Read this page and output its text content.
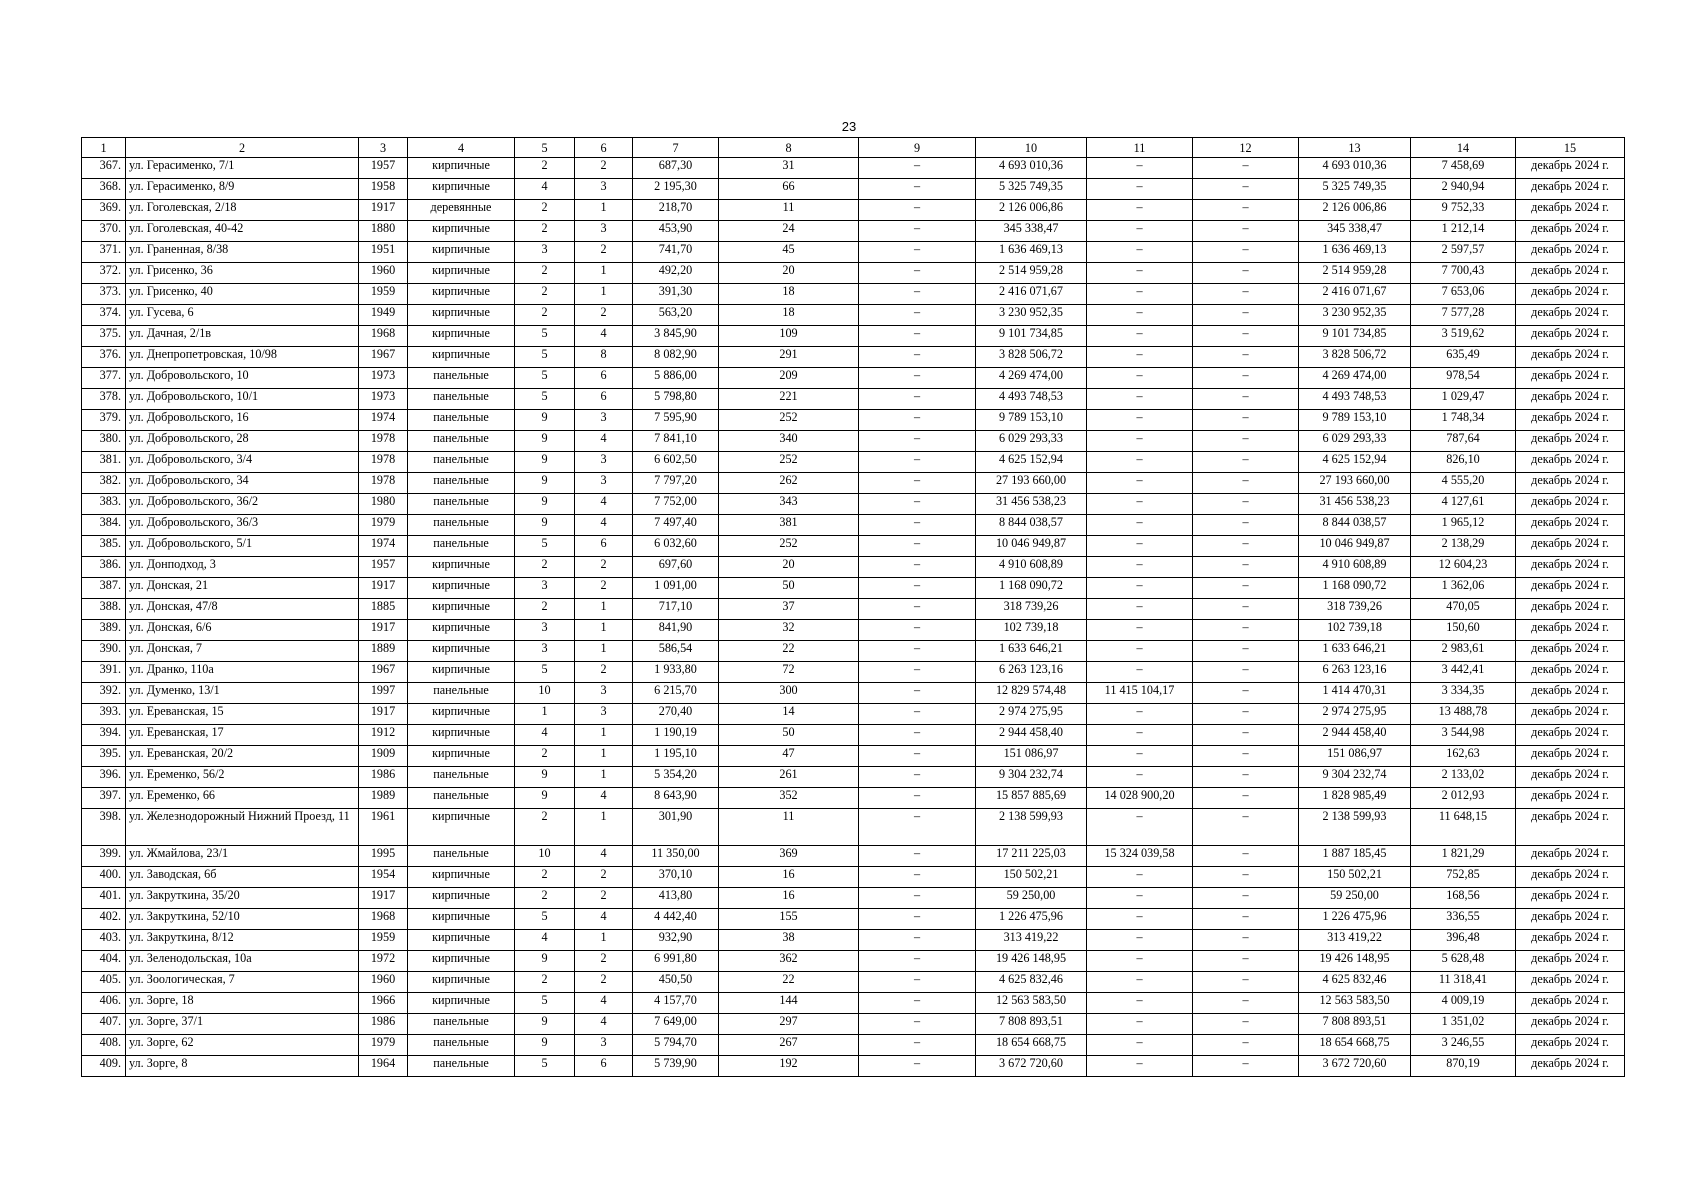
23
1	2	3	4	5	6	7	8	9	10	11	12	13	14	15
367.	ул. Герасименко, 7/1	1957	кирпичные	2	2	687,30	31	–	4 693 010,36	–	–	4 693 010,36	7 458,69	декабрь 2024 г.
368.	ул. Герасименко, 8/9	1958	кирпичные	4	3	2 195,30	66	–	5 325 749,35	–	–	5 325 749,35	2 940,94	декабрь 2024 г.
369.	ул. Гоголевская, 2/18	1917	деревянные	2	1	218,70	11	–	2 126 006,86	–	–	2 126 006,86	9 752,33	декабрь 2024 г.
370.	ул. Гоголевская, 40-42	1880	кирпичные	2	3	453,90	24	–	345 338,47	–	–	345 338,47	1 212,14	декабрь 2024 г.
371.	ул. Граненная, 8/38	1951	кирпичные	3	2	741,70	45	–	1 636 469,13	–	–	1 636 469,13	2 597,57	декабрь 2024 г.
372.	ул. Грисенко, 36	1960	кирпичные	2	1	492,20	20	–	2 514 959,28	–	–	2 514 959,28	7 700,43	декабрь 2024 г.
373.	ул. Грисенко, 40	1959	кирпичные	2	1	391,30	18	–	2 416 071,67	–	–	2 416 071,67	7 653,06	декабрь 2024 г.
374.	ул. Гусева, 6	1949	кирпичные	2	2	563,20	18	–	3 230 952,35	–	–	3 230 952,35	7 577,28	декабрь 2024 г.
375.	ул. Дачная, 2/1в	1968	кирпичные	5	4	3 845,90	109	–	9 101 734,85	–	–	9 101 734,85	3 519,62	декабрь 2024 г.
376.	ул. Днепропетровская, 10/98	1967	кирпичные	5	8	8 082,90	291	–	3 828 506,72	–	–	3 828 506,72	635,49	декабрь 2024 г.
377.	ул. Добровольского, 10	1973	панельные	5	6	5 886,00	209	–	4 269 474,00	–	–	4 269 474,00	978,54	декабрь 2024 г.
378.	ул. Добровольского, 10/1	1973	панельные	5	6	5 798,80	221	–	4 493 748,53	–	–	4 493 748,53	1 029,47	декабрь 2024 г.
379.	ул. Добровольского, 16	1974	панельные	9	3	7 595,90	252	–	9 789 153,10	–	–	9 789 153,10	1 748,34	декабрь 2024 г.
380.	ул. Добровольского, 28	1978	панельные	9	4	7 841,10	340	–	6 029 293,33	–	–	6 029 293,33	787,64	декабрь 2024 г.
381.	ул. Добровольского, 3/4	1978	панельные	9	3	6 602,50	252	–	4 625 152,94	–	–	4 625 152,94	826,10	декабрь 2024 г.
382.	ул. Добровольского, 34	1978	панельные	9	3	7 797,20	262	–	27 193 660,00	–	–	27 193 660,00	4 555,20	декабрь 2024 г.
383.	ул. Добровольского, 36/2	1980	панельные	9	4	7 752,00	343	–	31 456 538,23	–	–	31 456 538,23	4 127,61	декабрь 2024 г.
384.	ул. Добровольского, 36/3	1979	панельные	9	4	7 497,40	381	–	8 844 038,57	–	–	8 844 038,57	1 965,12	декабрь 2024 г.
385.	ул. Добровольского, 5/1	1974	панельные	5	6	6 032,60	252	–	10 046 949,87	–	–	10 046 949,87	2 138,29	декабрь 2024 г.
386.	ул. Донподход, 3	1957	кирпичные	2	2	697,60	20	–	4 910 608,89	–	–	4 910 608,89	12 604,23	декабрь 2024 г.
387.	ул. Донская, 21	1917	кирпичные	3	2	1 091,00	50	–	1 168 090,72	–	–	1 168 090,72	1 362,06	декабрь 2024 г.
388.	ул. Донская, 47/8	1885	кирпичные	2	1	717,10	37	–	318 739,26	–	–	318 739,26	470,05	декабрь 2024 г.
389.	ул. Донская, 6/6	1917	кирпичные	3	1	841,90	32	–	102 739,18	–	–	102 739,18	150,60	декабрь 2024 г.
390.	ул. Донская, 7	1889	кирпичные	3	1	586,54	22	–	1 633 646,21	–	–	1 633 646,21	2 983,61	декабрь 2024 г.
391.	ул. Дранко, 110а	1967	кирпичные	5	2	1 933,80	72	–	6 263 123,16	–	–	6 263 123,16	3 442,41	декабрь 2024 г.
392.	ул. Думенко, 13/1	1997	панельные	10	3	6 215,70	300	–	12 829 574,48	11 415 104,17	–	1 414 470,31	3 334,35	декабрь 2024 г.
393.	ул. Ереванская, 15	1917	кирпичные	1	3	270,40	14	–	2 974 275,95	–	–	2 974 275,95	13 488,78	декабрь 2024 г.
394.	ул. Ереванская, 17	1912	кирпичные	4	1	1 190,19	50	–	2 944 458,40	–	–	2 944 458,40	3 544,98	декабрь 2024 г.
395.	ул. Ереванская, 20/2	1909	кирпичные	2	1	1 195,10	47	–	151 086,97	–	–	151 086,97	162,63	декабрь 2024 г.
396.	ул. Еременко, 56/2	1986	панельные	9	1	5 354,20	261	–	9 304 232,74	–	–	9 304 232,74	2 133,02	декабрь 2024 г.
397.	ул. Еременко, 66	1989	панельные	9	4	8 643,90	352	–	15 857 885,69	14 028 900,20	–	1 828 985,49	2 012,93	декабрь 2024 г.
398.	ул. Железнодорожный Нижний Проезд, 11	1961	кирпичные	2	1	301,90	11	–	2 138 599,93	–	–	2 138 599,93	11 648,15	декабрь 2024 г.
399.	ул. Жмайлова, 23/1	1995	панельные	10	4	11 350,00	369	–	17 211 225,03	15 324 039,58	–	1 887 185,45	1 821,29	декабрь 2024 г.
400.	ул. Заводская, 6б	1954	кирпичные	2	2	370,10	16	–	150 502,21	–	–	150 502,21	752,85	декабрь 2024 г.
401.	ул. Закруткина, 35/20	1917	кирпичные	2	2	413,80	16	–	59 250,00	–	–	59 250,00	168,56	декабрь 2024 г.
402.	ул. Закруткина, 52/10	1968	кирпичные	5	4	4 442,40	155	–	1 226 475,96	–	–	1 226 475,96	336,55	декабрь 2024 г.
403.	ул. Закруткина, 8/12	1959	кирпичные	4	1	932,90	38	–	313 419,22	–	–	313 419,22	396,48	декабрь 2024 г.
404.	ул. Зеленодольская, 10а	1972	кирпичные	9	2	6 991,80	362	–	19 426 148,95	–	–	19 426 148,95	5 628,48	декабрь 2024 г.
405.	ул. Зоологическая, 7	1960	кирпичные	2	2	450,50	22	–	4 625 832,46	–	–	4 625 832,46	11 318,41	декабрь 2024 г.
406.	ул. Зорге, 18	1966	кирпичные	5	4	4 157,70	144	–	12 563 583,50	–	–	12 563 583,50	4 009,19	декабрь 2024 г.
407.	ул. Зорге, 37/1	1986	панельные	9	4	7 649,00	297	–	7 808 893,51	–	–	7 808 893,51	1 351,02	декабрь 2024 г.
408.	ул. Зорге, 62	1979	панельные	9	3	5 794,70	267	–	18 654 668,75	–	–	18 654 668,75	3 246,55	декабрь 2024 г.
409.	ул. Зорге, 8	1964	панельные	5	6	5 739,90	192	–	3 672 720,60	–	–	3 672 720,60	870,19	декабрь 2024 г.
